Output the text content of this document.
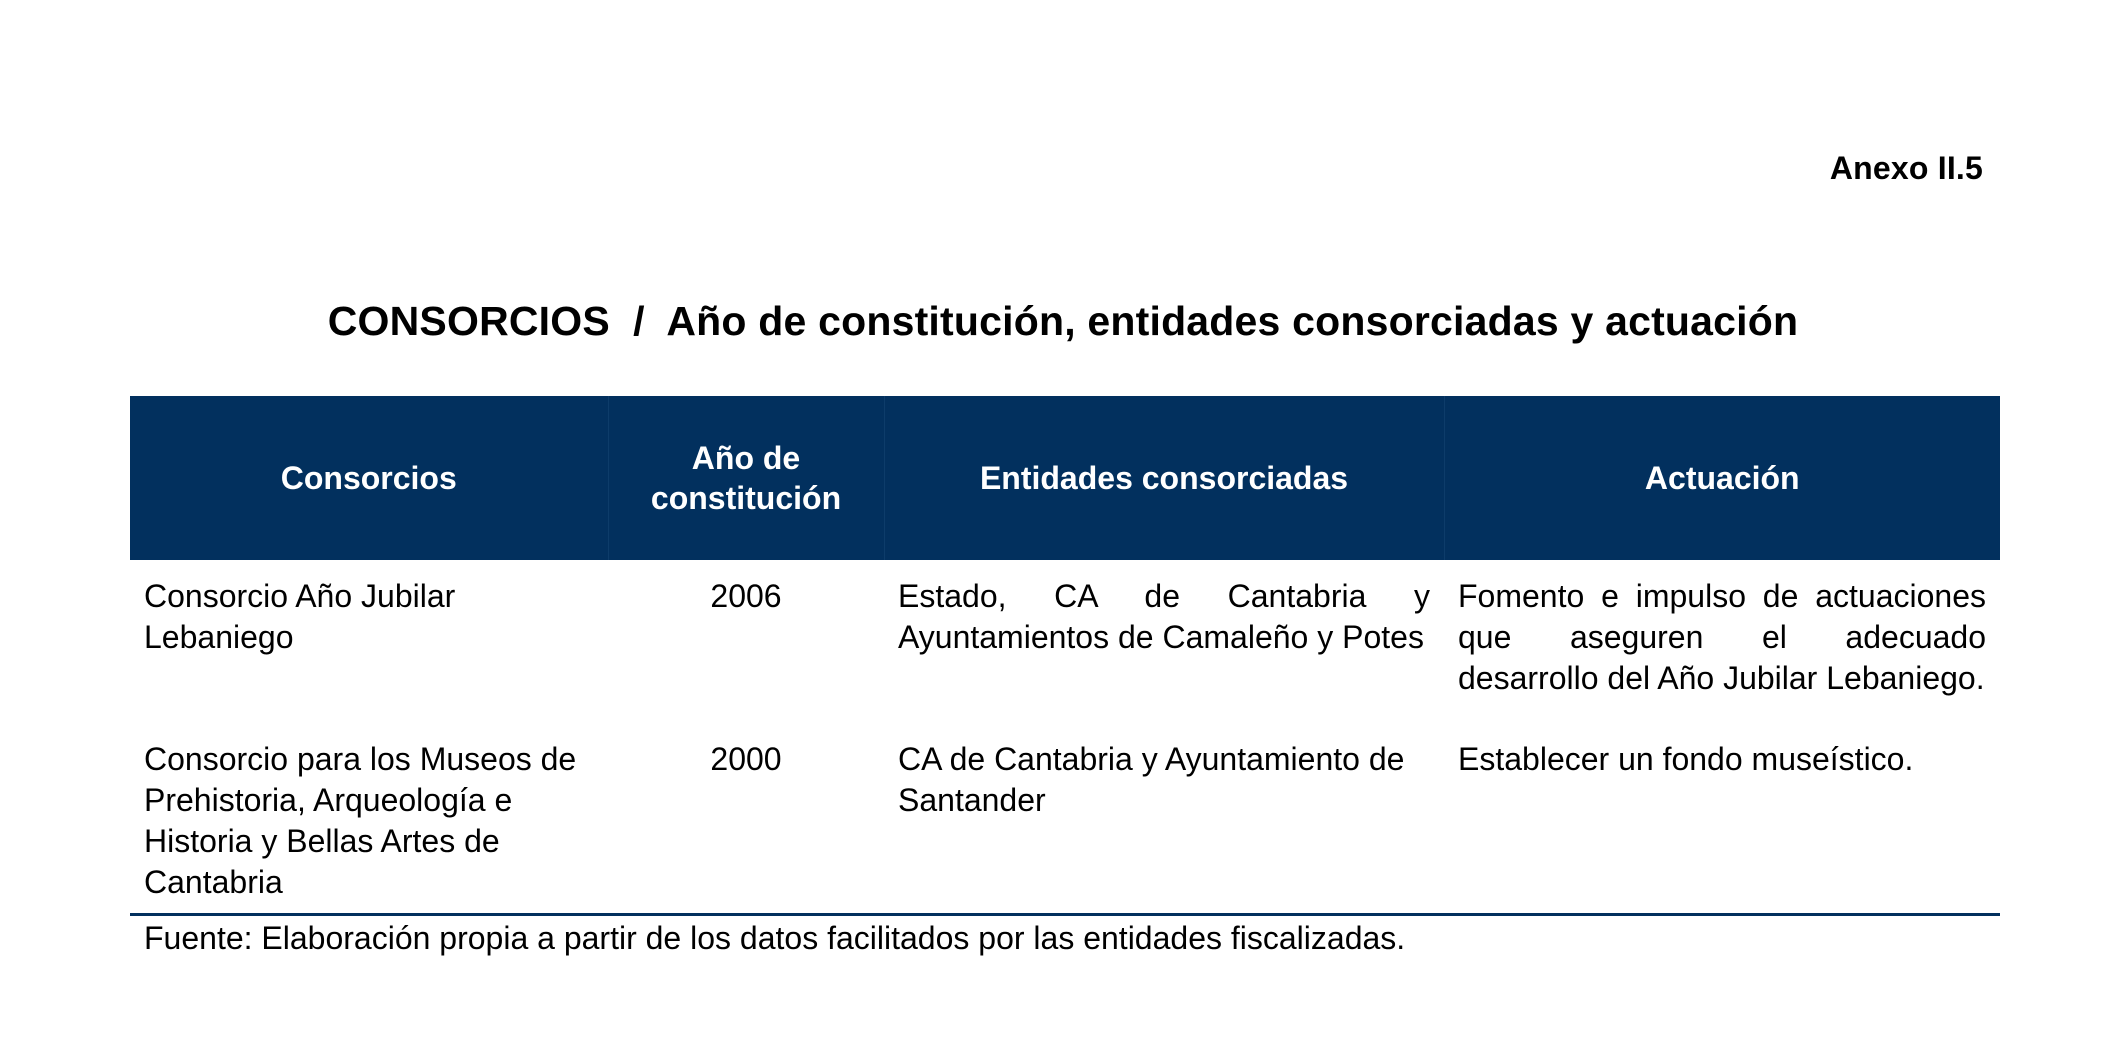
Anexo II.5
CONSORCIOS  /  Año de constitución, entidades consorciadas y actuación
Consorcios	Año de constitución	Entidades consorciadas	Actuación
Consorcio Año Jubilar Lebaniego	2006	Estado, CA de Cantabria y Ayuntamientos de Camaleño y Potes	Fomento e impulso de actuaciones que aseguren el adecuado desarrollo del Año Jubilar Lebaniego.
Consorcio para los Museos de Prehistoria, Arqueología e Historia y Bellas Artes de Cantabria	2000	CA de Cantabria y Ayuntamiento de Santander	Establecer un fondo museístico.
Fuente: Elaboración propia a partir de los datos facilitados por las entidades fiscalizadas.
